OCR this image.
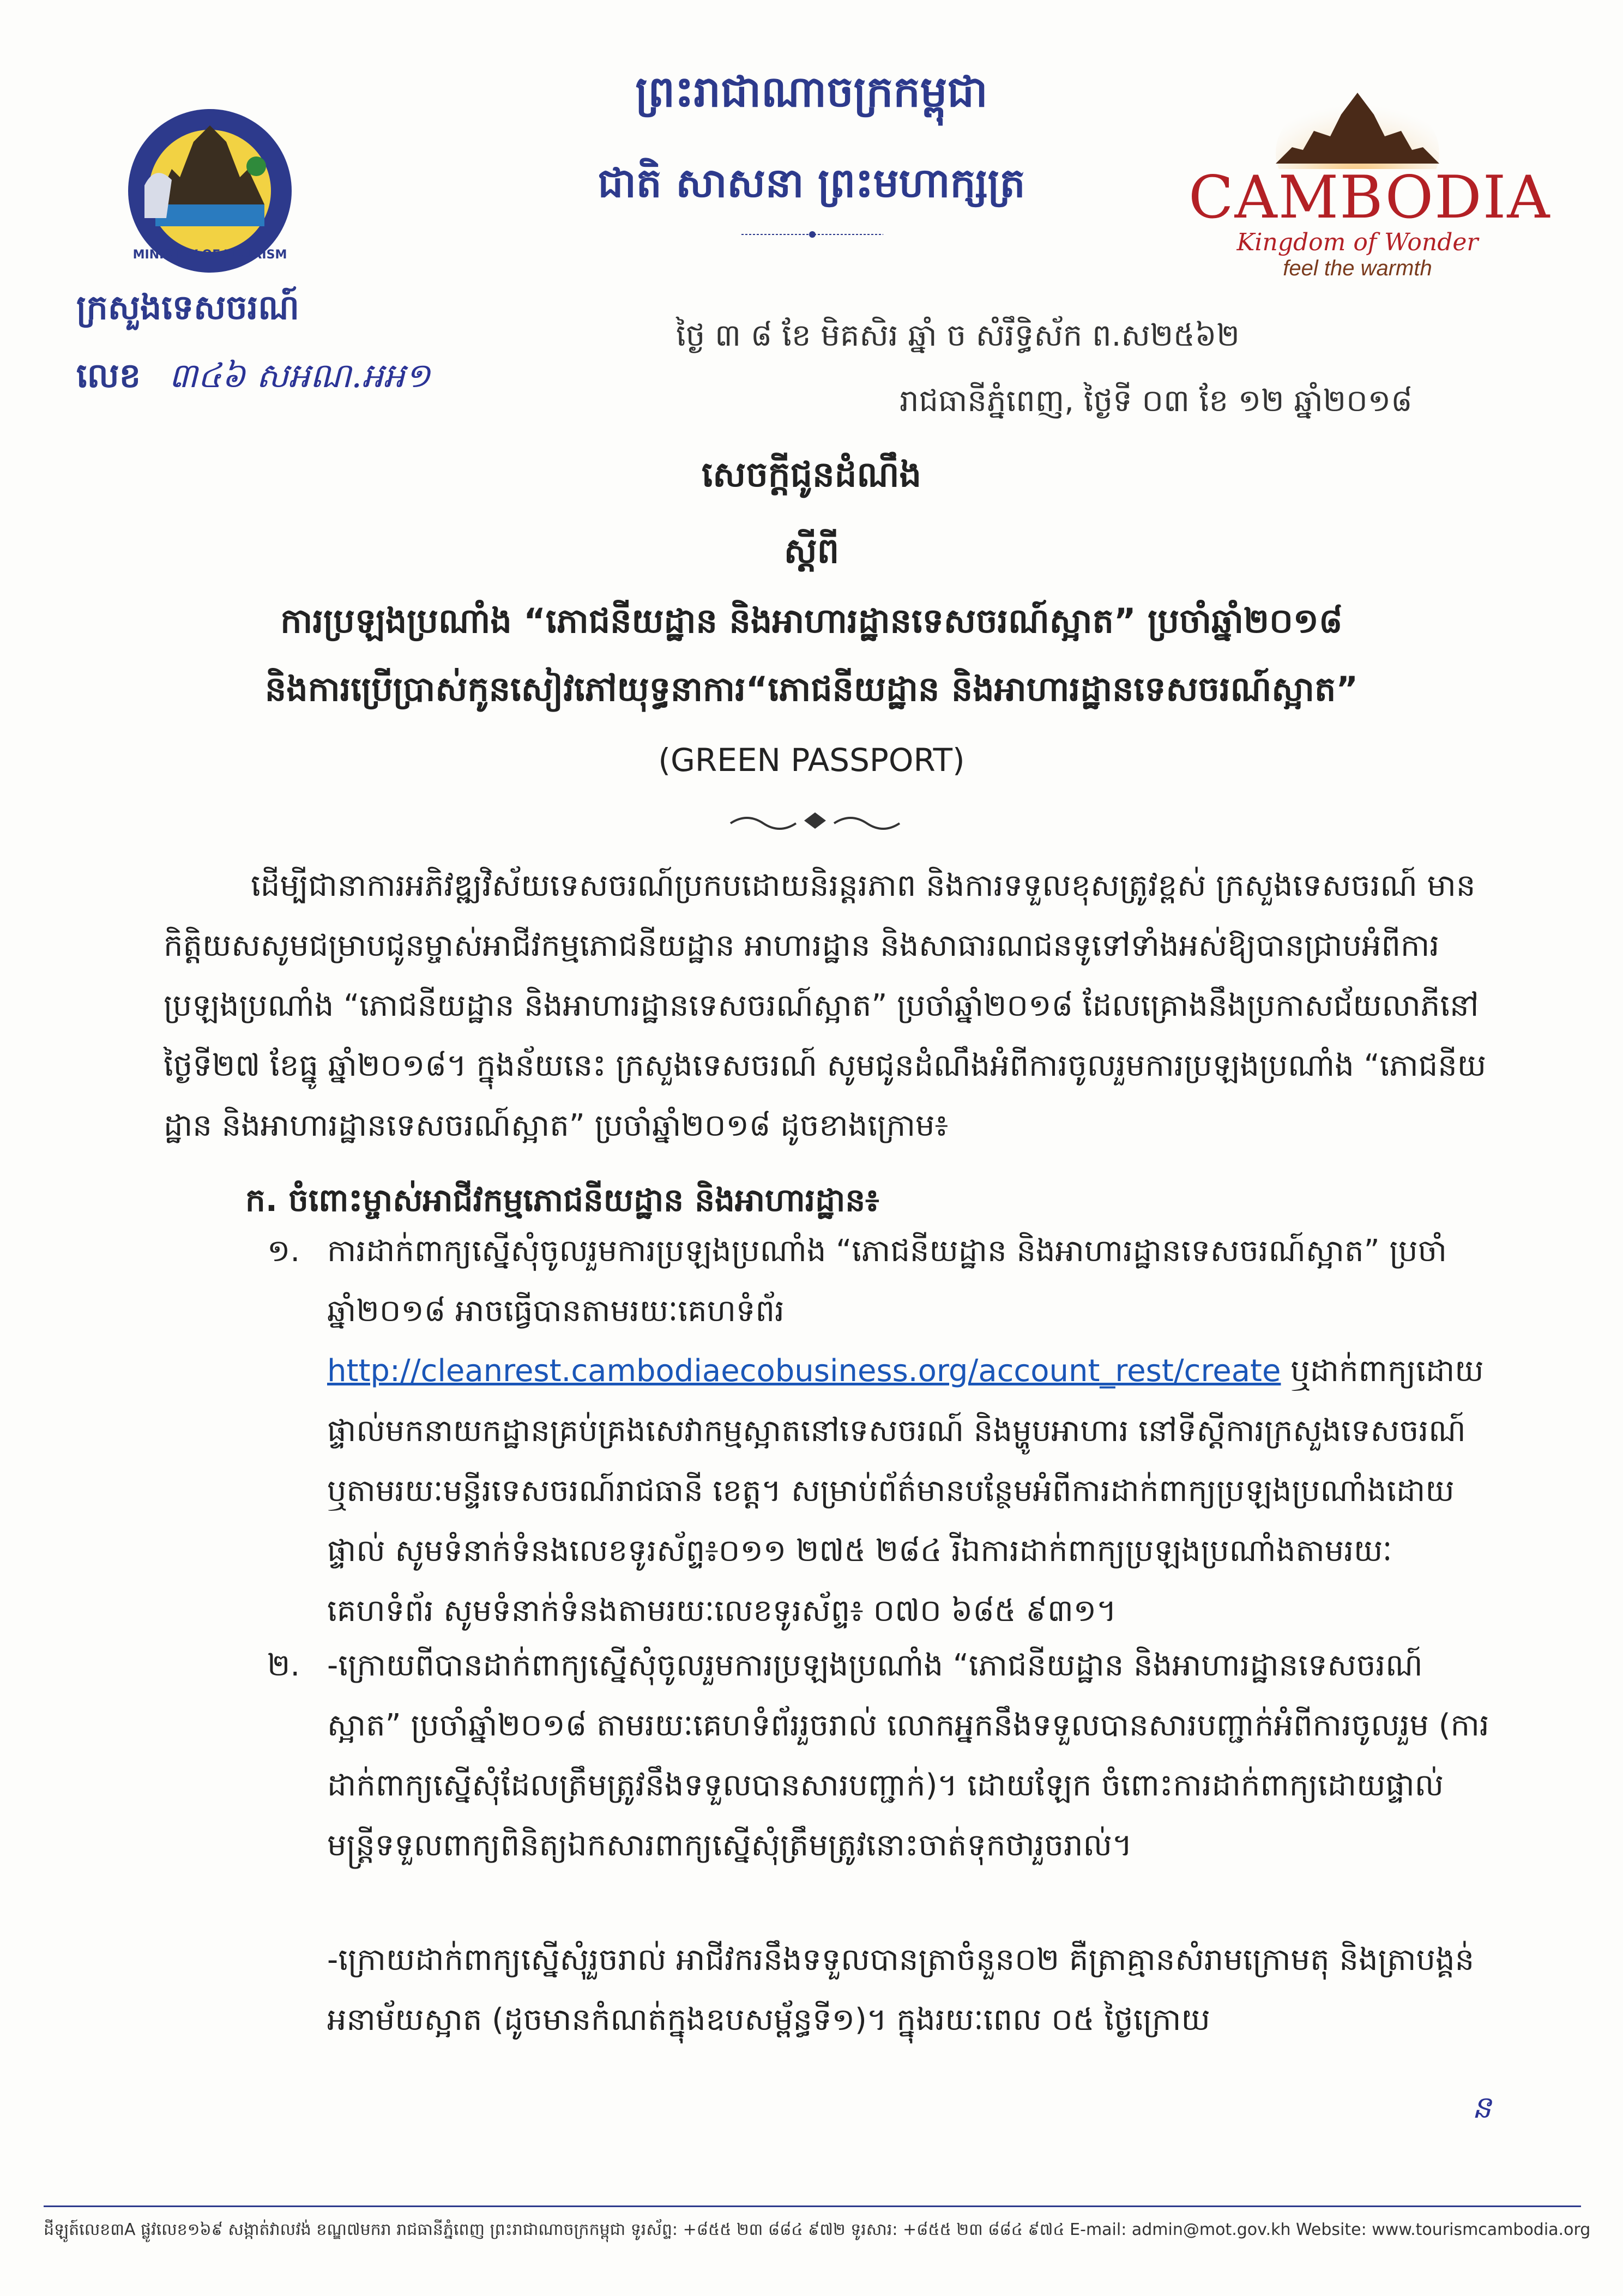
ព្រះរាជាណាចក្រកម្ពុជា
ជាតិ សាសនា ព្រះមហាក្សត្រ
MINISTRY OF TOURISM
CAMBODIA
Kingdom of Wonder
feel the warmth
ក្រសួងទេសចរណ៍
លេខ ៣៤៦ សអណ.អអ១
ថ្ងៃ ៣ ៨ ខែ មិគសិរ ឆ្នាំ ច សំរឹទ្ធិស័ក ព.ស២៥៦២
រាជធានីភ្នំពេញ, ថ្ងៃទី ០៣ ខែ ១២ ឆ្នាំ២០១៨
សេចក្តីជូនដំណឹង
ស្តីពី
ការប្រឡងប្រណាំង “ភោជនីយដ្ឋាន និងអាហារដ្ឋានទេសចរណ៍ស្អាត” ប្រចាំឆ្នាំ២០១៨
និងការប្រើប្រាស់កូនសៀវភៅយុទ្ធនាការ“ភោជនីយដ្ឋាន និងអាហារដ្ឋានទេសចរណ៍ស្អាត”
(GREEN PASSPORT)
ដើម្បីជានាការអភិវឌ្ឍវិស័យទេសចរណ៍ប្រកបដោយនិរន្តរភាព និងការទទួលខុសត្រូវខ្ពស់ ក្រសួងទេសចរណ៍ មានកិត្តិយសសូមជម្រាបជូនម្ចាស់អាជីវកម្មភោជនីយដ្ឋាន អាហារដ្ឋាន និងសាធារណជនទូទៅទាំងអស់ឱ្យបានជ្រាបអំពីការប្រឡងប្រណាំង “ភោជនីយដ្ឋាន និងអាហារដ្ឋានទេសចរណ៍ស្អាត” ប្រចាំឆ្នាំ២០១៨ ដែលគ្រោងនឹងប្រកាសជ័យលាភីនៅថ្ងៃទី២៧ ខែធ្នូ ឆ្នាំ២០១៨។ ក្នុងន័យនេះ ក្រសួងទេសចរណ៍ សូមជូនដំណឹងអំពីការចូលរួមការប្រឡងប្រណាំង “ភោជនីយដ្ឋាន និងអាហារដ្ឋានទេសចរណ៍ស្អាត” ប្រចាំឆ្នាំ២០១៨ ដូចខាងក្រោម៖
ក. ចំពោះម្ចាស់អាជីវកម្មភោជនីយដ្ឋាន និងអាហារដ្ឋាន៖
១. ការដាក់ពាក្យស្នើសុំចូលរួមការប្រឡងប្រណាំង “ភោជនីយដ្ឋាន និងអាហារដ្ឋានទេសចរណ៍ស្អាត” ប្រចាំឆ្នាំ២០១៨ អាចធ្វើបានតាមរយៈគេហទំព័រ http://cleanrest.cambodiaecobusiness.org/account_rest/create ឬដាក់ពាក្យដោយផ្ទាល់មកនាយកដ្ឋានគ្រប់គ្រងសេវាកម្មស្អាតនៅទេសចរណ៍ និងម្ហូបអាហារ នៅទីស្តីការក្រសួងទេសចរណ៍ ឬតាមរយៈមន្ទីរទេសចរណ៍រាជធានី ខេត្ត។ សម្រាប់ព័ត៌មានបន្ថែមអំពីការដាក់ពាក្យប្រឡងប្រណាំងដោយផ្ទាល់ សូមទំនាក់ទំនងលេខទូរស័ព្ទ៖០១១ ២៧៥ ២៨៤ រីឯការដាក់ពាក្យប្រឡងប្រណាំងតាមរយៈគេហទំព័រ សូមទំនាក់ទំនងតាមរយៈលេខទូរស័ព្ទ៖ ០៧០ ៦៨៥ ៩៣១។
២. -ក្រោយពីបានដាក់ពាក្យស្នើសុំចូលរួមការប្រឡងប្រណាំង “ភោជនីយដ្ឋាន និងអាហារដ្ឋានទេសចរណ៍ស្អាត” ប្រចាំឆ្នាំ២០១៨ តាមរយៈគេហទំព័ររួចរាល់ លោកអ្នកនឹងទទួលបានសារបញ្ជាក់អំពីការចូលរួម (ការដាក់ពាក្យស្នើសុំដែលត្រឹមត្រូវនឹងទទួលបានសារបញ្ជាក់)។ ដោយឡែក ចំពោះការដាក់ពាក្យដោយផ្ទាល់ មន្ត្រីទទួលពាក្យពិនិត្យឯកសារពាក្យស្នើសុំត្រឹមត្រូវនោះចាត់ទុកថារួចរាល់។
-ក្រោយដាក់ពាក្យស្នើសុំរួចរាល់ អាជីវករនឹងទទួលបានត្រាចំនួន០២ គឺត្រាគ្មានសំរាមក្រោមតុ និងត្រាបង្គន់អនាម័យស្អាត (ដូចមានកំណត់ក្នុងឧបសម្ព័ន្ធទី១)។ ក្នុងរយៈពេល ០៥ ថ្ងៃក្រោយ
ន
ដីឡូត៍លេខ៣A ផ្លូវលេខ១៦៩ សង្កាត់វាលវង់ ខណ្ឌ៧មករា រាជធានីភ្នំពេញ ព្រះរាជាណាចក្រកម្ពុជា ទូរស័ព្ទ: +៨៥៥ ២៣ ៨៨៤ ៩៧២ ទូរសារ: +៨៥៥ ២៣ ៨៨៤ ៩៧៤ E-mail: admin@mot.gov.kh Website: www.tourismcambodia.org
